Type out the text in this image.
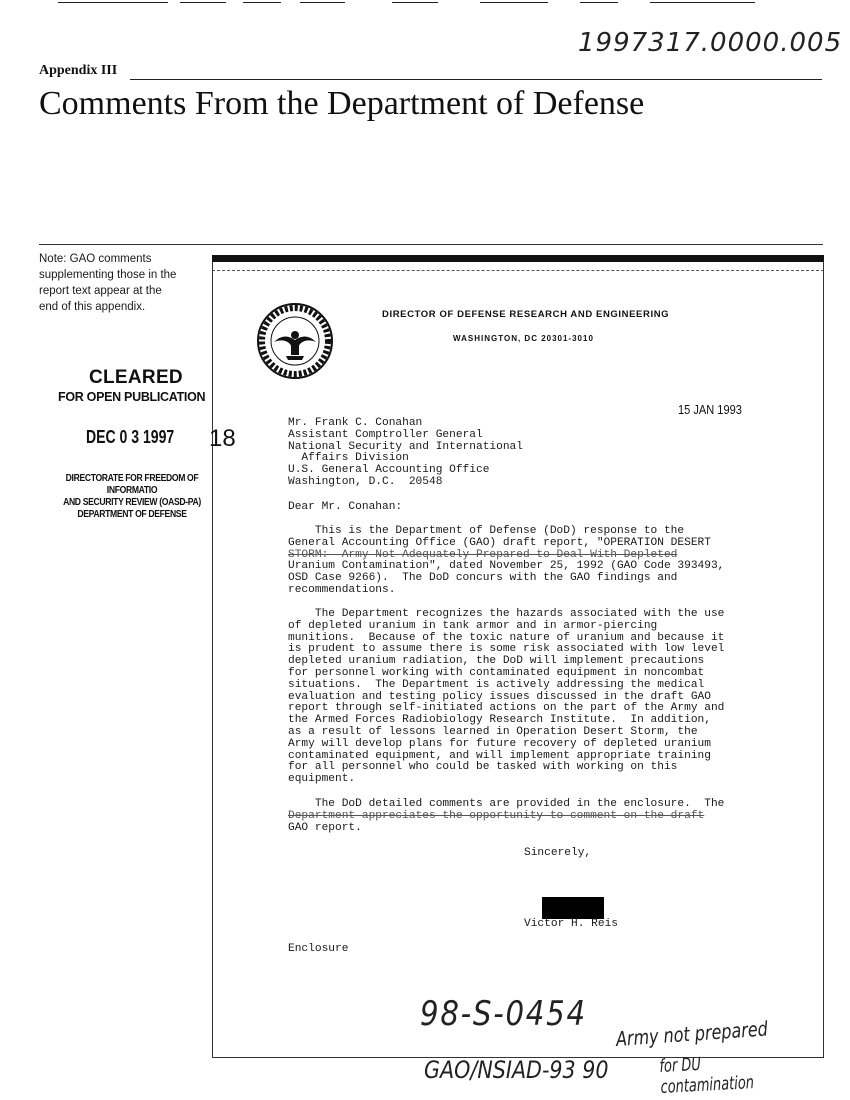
1997317.0000.005
Appendix III
Comments From the Department of Defense
Note: GAO comments
supplementing those in the
report text appear at the
end of this appendix.
DIRECTOR OF DEFENSE RESEARCH AND ENGINEERING
WASHINGTON, DC 20301-3010
CLEARED
FOR OPEN PUBLICATION
DEC 0 3 1997 18
DIRECTORATE FOR FREEDOM OF INFORMATIO
AND SECURITY REVIEW (OASD-PA)
DEPARTMENT OF DEFENSE
15 JAN 1993
Mr. Frank C. Conahan
Assistant Comptroller General
National Security and International
Affairs Division
U.S. General Accounting Office
Washington, D.C.  20548
Dear Mr. Conahan:
This is the Department of Defense (DoD) response to the
General Accounting Office (GAO) draft report, "OPERATION DESERT
STORM:  Army Not Adequately Prepared to Deal With Depleted
Uranium Contamination", dated November 25, 1992 (GAO Code 393493,
OSD Case 9266).  The DoD concurs with the GAO findings and
recommendations.
The Department recognizes the hazards associated with the use
of depleted uranium in tank armor and in armor-piercing
munitions.  Because of the toxic nature of uranium and because it
is prudent to assume there is some risk associated with low level
depleted uranium radiation, the DoD will implement precautions
for personnel working with contaminated equipment in noncombat
situations.  The Department is actively addressing the medical
evaluation and testing policy issues discussed in the draft GAO
report through self-initiated actions on the part of the Army and
the Armed Forces Radiobiology Research Institute.  In addition,
as a result of lessons learned in Operation Desert Storm, the
Army will develop plans for future recovery of depleted uranium
contaminated equipment, and will implement appropriate training
for all personnel who could be tasked with working on this
equipment.
The DoD detailed comments are provided in the enclosure.  The
Department appreciates the opportunity to comment on the draft
GAO report.
Sincerely,
Victor H. Reis
Enclosure
98-S-0454
GAO/NSIAD-93 90
Army not prepared
for DU contamination
